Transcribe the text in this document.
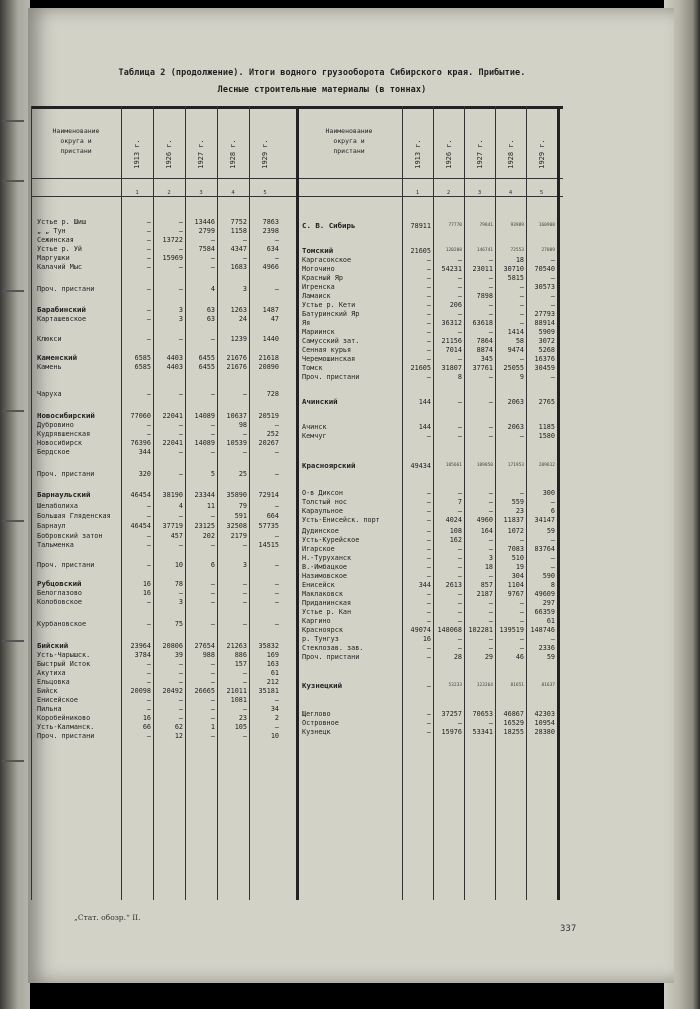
Таблица 2 (продолжение). Итоги водного грузооборота Сибирского края. Прибытие.
Лесные строительные материалы (в тоннах)
Наименование
округа и
пристани	1913 г.
1
1926 г.
2
1927 г.
3
1928 г.
4
1929 г.
5
Устье р. Шиш	—	—	13446	7752	7863
„ „ Тун	—	—	2799	1158	2398
Сежинская	—	13722	—	—	—
Устье р. Уй	—	—	7584	4347	634
Маргушки	—	15969	—	—	—
Калачий Мыс	—	—	—	1683	4966
Проч. пристани	—	—	4	3	—
Барабинский	—	3	63	1263	1487
Карташевское	—	3	63	24	47
Клюкси	—	—	—	1239	1440
Каменский	6585	4403	6455	21676	21618
Камень	6585	4403	6455	21676	20890
Чаруха	—	—	—	—	728
Новосибирский	77060	22041	14089	10637	20519
Дубровино	—	—	—	98	—
Кудрявшенская	—	—	—	—	252
Новосибирск	76396	22041	14089	10539	20267
Бердское	344	—	—	—	—
Проч. пристани	320	—	5	25	—
Барнаульский	46454	38190	23344	35890	72914
Шелаболиха	—	4	11	79	—
Большая Гляденская	—	—	—	591	664
Барнаул	46454	37719	23125	32508	57735
Бобровский затон	—	457	202	2179	—
Тальменка	—	—	—	—	14515
Проч. пристани	—	10	6	3	—
Рубцовский	16	78	—	—	—
Белоглазово	16	—	—	—	—
Колобовское	—	3	—	—	—
Курбановское	—	75	—	—	—
Бийский	23964	20806	27654	21263	35832
Усть-Чарышск.	3784	39	988	886	169
Быстрый Исток	—	—	—	157	163
Акутиха	—	—	—	—	61
Ельцовка	—	—	—	—	212
Бийск	20098	20492	26665	21011	35181
Енисейское	—	—	—	1081	—
Пильна	—	—	—	—	34
Коробейниково	16	—	—	23	2
Усть-Калманск.	66	62	1	105	—
Проч. пристани	—	12	—	—	10
Наименование
округа и
пристани	1913 г.
1
1926 г.
2
1927 г.
3
1928 г.
4
1929 г.
5
С. В. Сибирь	78911	77770	79841	93989	160908
Томский	21605	120208	146741	72553	27089
Каргасокское	—	—	—	18	—
Могочино	—	54231	23011	30710	70540
Красный Яр	—	—	—	5815	—
Игренска	—	—	—	—	30573
Ламаиск	—	—	7898	—	—
Устье р. Кети	—	206	—	—	—
Батуринский Яр	—	—	—	—	27793
Яя	—	36312	63618	—	88914
Мариинск	—	—	—	1414	5909
Самусский зат.	—	21156	7864	58	3072
Сенная курья	—	7014	8874	9474	5268
Черемошинская	—	—	345	—	16376
Томск	21605	31807	37761	25055	30459
Проч. пристани	—	8	—	9	—
Ачинский	144	—	—	2063	2765
Ачинск	144	—	—	2063	1185
Кемчуг	—	—	—	—	1580
Красноярский	49434	105661	109850	171953	209612
О-в Диксон	—	—	—	—	300
Толстый нос	—	7	—	559	—
Караульное	—	—	—	23	6
Усть-Енисейск. порт	—	4024	4960	11837	34147
Дудинское	—	108	164	1072	59
Усть-Курейское	—	162	—	—	—
Игарское	—	—	—	7083	83764
Н.-Туруханск	—	—	3	510	—
В.-Имбацкое	—	—	18	19	—
Назимовское	—	—	—	304	590
Енисейск	344	2613	857	1104	8
Маклаковск	—	—	2187	9767	49609
Приданинская	—	—	—	—	297
Устье р. Кан	—	—	—	—	66359
Каргино	—	—	—	—	61
Красноярск	49074 148068 102281 139519 148746
р. Тунгуз	16	—	—	—	—
Стеклозав. зав.	—	—	—	—	2336
Проч. пристани	—	28	29	46	59
Кузнецкий	—	53233	123264	81651	81637
Щеглово	—	37257	70653	46867	42303
Островное	—	—	—	16529	10954
Кузнецк	—	15976	53341	18255	28380
„Стат. обозр.“ II.
337
